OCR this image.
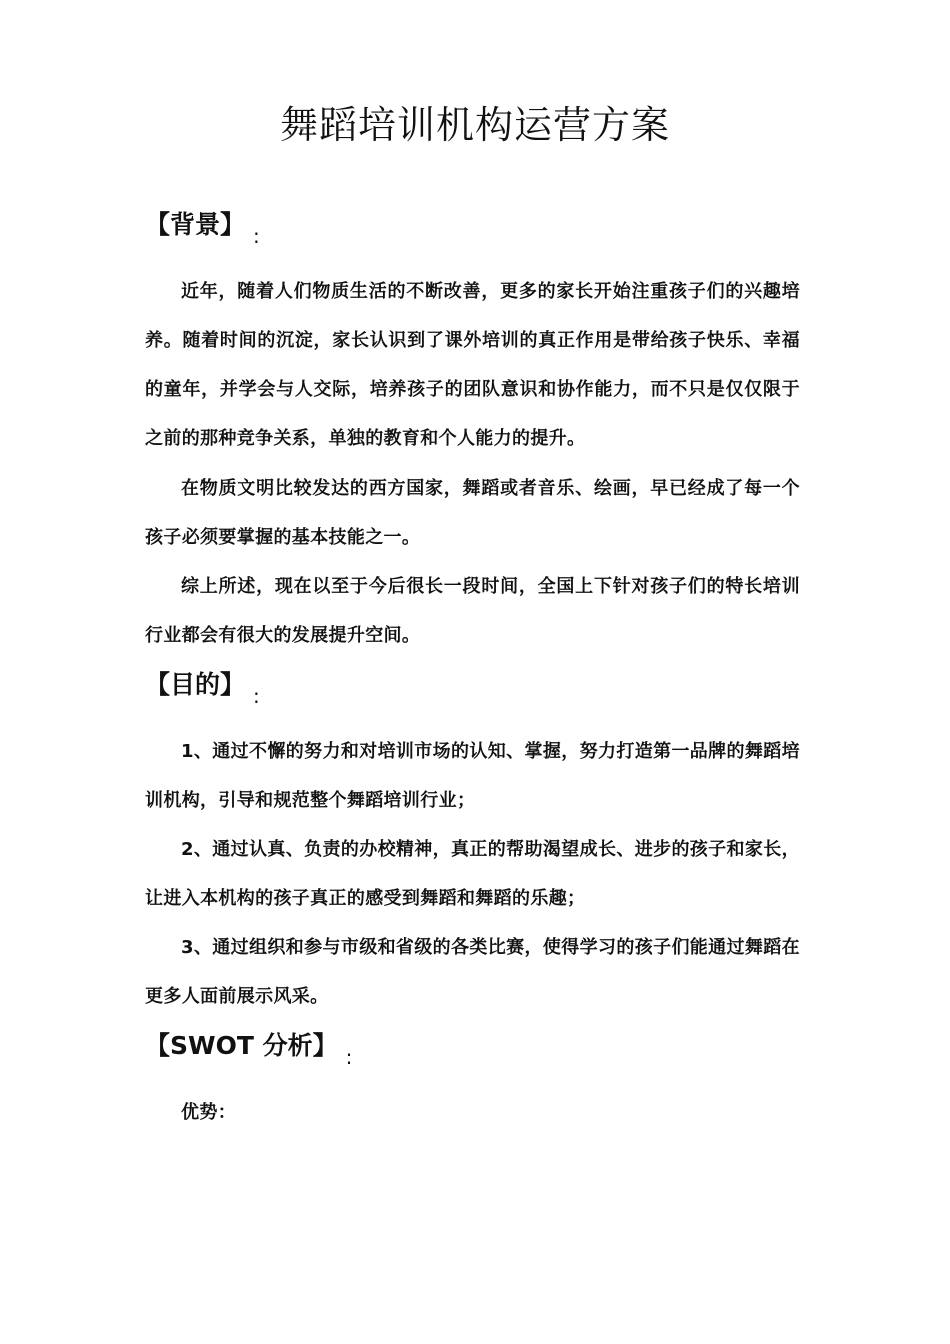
舞蹈培训机构运营方案
【背景】 $_:$

近年，随着人们物质生活的不断改善，更多的家长开始注重孩子们的兴趣培养。随着时间的沉淀，家长认识到了课外培训的真正作用是带给孩子快乐、幸福的童年，并学会与人交际，培养孩子的团队意识和协作能力，而不只是仅仅限于之前的那种竞争关系，单独的教育和个人能力的提升。

在物质文明比较发达的西方国家，舞蹈或者音乐、绘画，早已经成了每一个孩子必须要掌握的基本技能之一。

综上所述，现在以至于今后很长一段时间，全国上下针对孩子们的特长培训行业都会有很大的发展提升空间。

【目的】 $_:$

1、通过不懈的努力和对培训市场的认知、掌握，努力打造第一品牌的舞蹈培训机构，引导和规范整个舞蹈培训行业；

2、通过认真、负责的办校精神，真正的帮助渴望成长、进步的孩子和家长，让进入本机构的孩子真正的感受到舞蹈和舞蹈的乐趣；

3、通过组织和参与市级和省级的各类比赛，使得学习的孩子们能通过舞蹈在更多人面前展示风采。

【SWOT 分析】 $_:$

优势：
